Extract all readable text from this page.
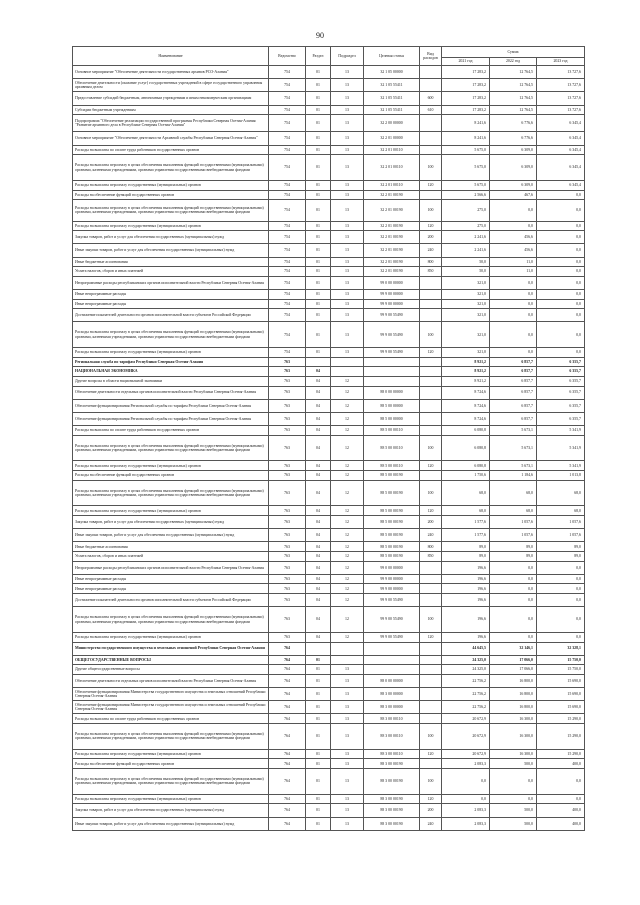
90
Наименование	Ведомство	Раздел	Подраздел	Целевая статья	Вид расходов	Сумма		
						2021 год	2022 год	2023 год
Основное мероприятие "Обеспечение деятельности государственных архивов РСО-Алания"	754	01	13	32 1 05 00000		17 283,2	12 764,5	13 727,6
Обеспечение деятельности (оказание услуг) государственных учреждений в сфере государственного управления архивным делом	754	01	13	32 1 05 55411		17 283,2	12 764,5	13 727,6
Предоставление субсидий бюджетным, автономным учреждениям и иным некоммерческим организациям	754	01	13	32 1 05 55411	600	17 283,2	12 764,5	13 727,6
Субсидии бюджетным учреждениям	754	01	13	32 1 05 55411	610	17 283,2	12 764,5	13 727,6
Подпрограмма "Обеспечение реализации государственной программы Республики Северная Осетия-Алания "Развитие архивного дела в Республике Северная Осетия-Алания"	754	01	13	32 2 00 00000		8 241,6	6 776,6	6 345,4
Основное мероприятие "Обеспечение деятельности Архивной службы Республики Северная Осетия-Алания"	754	01	13	32 2 01 00000		8 241,6	6 776,6	6 345,4
Расходы на выплаты по оплате труда работников государственных органов	754	01	13	32 2 01 00110		5 675,0	6 309,0	6 345,4
Расходы на выплаты персоналу в целях обеспечения выполнения функций государственными (муниципальными) органами, казенными учреждениями, органами управления государственными внебюджетными фондами	754	01	13	32 2 01 00110	100	5 675,0	6 309,0	6 345,4
Расходы на выплаты персоналу государственных (муниципальных) органов	754	01	13	32 2 01 00110	120	5 675,0	6 309,0	6 345,4
Расходы на обеспечение функций государственных органов	754	01	13	32 2 01 00190		2 566,6	467,6	0,0
Расходы на выплаты персоналу в целях обеспечения выполнения функций государственными (муниципальными) органами, казенными учреждениями, органами управления государственными внебюджетными фондами	754	01	13	32 2 01 00190	100	275,0	0,0	0,0
Расходы на выплаты персоналу государственных (муниципальных) органов	754	01	13	32 2 01 00190	120	275,0	0,0	0,0
Закупка товаров, работ и услуг для обеспечения государственных (муниципальных) нужд	754	01	13	32 2 01 00190	200	2 241,6	456,6	0,0
Иные закупки товаров, работ и услуг для обеспечения государственных (муниципальных) нужд	754	01	13	32 2 01 00190	240	2 241,6	456,6	0,0
Иные бюджетные ассигнования	754	01	13	32 2 01 00190	800	50,0	11,0	0,0
Уплата налогов, сборов и иных платежей	754	01	13	32 2 01 00190	850	50,0	11,0	0,0
Непрограммные расходы республиканских органов исполнительной власти Республики Северная Осетия-Алания	754	01	13	99 0 00 00000		321,0	0,0	0,0
Иные непрограммные расходы	754	01	13	99 9 00 00000		321,0	0,0	0,0
Иные непрограммные расходы	754	01	13	99 9 00 00000		321,0	0,0	0,0
Достижение показателей деятельности органов исполнительной власти субъектов Российской Федерации	754	01	13	99 9 00 55490		321,0	0,0	0,0
Расходы на выплаты персоналу в целях обеспечения выполнения функций государственными (муниципальными) органами, казенными учреждениями, органами управления государственными внебюджетными фондами	754	01	13	99 9 00 55490	100	321,0	0,0	0,0
Расходы на выплаты персоналу государственных (муниципальных) органов	754	01	13	99 9 00 55490	120	321,0	0,0	0,0
Региональная служба по тарифам Республики Северная Осетия-Алания	763					8 921,2	6 857,7	6 355,7
НАЦИОНАЛЬНАЯ ЭКОНОМИКА	763	04				8 921,2	6 857,7	6 355,7
Другие вопросы в области национальной экономики	763	04	12			8 921,2	6 857,7	6 355,7
Обеспечение деятельности отдельных органов исполнительной власти Республики Северная Осетия-Алания	763	04	12	88 0 00 00000		8 724,6	6 857,7	6 355,7
Обеспечение функционирования Региональной службы по тарифам Республики Северная Осетия-Алания	763	04	12	88 5 00 00000		8 724,6	6 857,7	6 355,7
Обеспечение функционирования Региональной службы по тарифам Республики Северная Осетия-Алания	763	04	12	88 5 00 00000		8 724,6	6 857,7	6 355,7
Расходы на выплаты по оплате труда работников государственных органов	763	04	12	88 5 00 00110		6 080,8	5 673,1	5 341,9
Расходы на выплаты персоналу в целях обеспечения выполнения функций государственными (муниципальными) органами, казенными учреждениями, органами управления государственными внебюджетными фондами	763	04	12	88 5 00 00110	100	6 080,8	5 673,1	5 341,9
Расходы на выплаты персоналу государственных (муниципальных) органов	763	04	12	88 5 00 00110	120	6 080,8	5 673,1	5 341,9
Расходы на обеспечение функций государственных органов	763	04	12	88 5 00 00190		1 750,6	1 184,6	1 013,8
Расходы на выплаты персоналу в целях обеспечения выполнения функций государственными (муниципальными) органами, казенными учреждениями, органами управления государственными внебюджетными фондами	763	04	12	88 5 00 00190	100	68,0	68,0	68,0
Расходы на выплаты персоналу государственных (муниципальных) органов	763	04	12	88 5 00 00190	120	68,0	68,0	68,0
Закупка товаров, работ и услуг для обеспечения государственных (муниципальных) нужд	763	04	12	88 5 00 00190	200	1 577,6	1 057,6	1 057,6
Иные закупки товаров, работ и услуг для обеспечения государственных (муниципальных) нужд	763	04	12	88 5 00 00190	240	1 577,6	1 057,6	1 057,6
Иные бюджетные ассигнования	763	04	12	88 5 00 00190	800	89,0	89,0	89,0
Уплата налогов, сборов и иных платежей	763	04	12	88 5 00 00190	850	89,0	89,0	89,0
Непрограммные расходы республиканских органов исполнительной власти Республики Северная Осетия-Алания	763	04	12	99 0 00 00000		196,6	0,0	0,0
Иные непрограммные расходы	763	04	12	99 9 00 00000		196,6	0,0	0,0
Иные непрограммные расходы	763	04	12	99 9 00 00000		196,6	0,0	0,0
Достижение показателей деятельности органов исполнительной власти субъектов Российской Федерации	763	04	12	99 9 00 55490		196,6	0,0	0,0
Расходы на выплаты персоналу в целях обеспечения выполнения функций государственными (муниципальными) органами, казенными учреждениями, органами управления государственными внебюджетными фондами	763	04	12	99 9 00 55490	100	196,6	0,0	0,0
Расходы на выплаты персоналу государственных (муниципальных) органов	763	04	12	99 9 00 55490	120	196,6	0,0	0,0
Министерство государственного имущества и земельных отношений Республики Северная Осетия-Алания	764					44 645,5	32 146,1	32 328,1
ОБЩЕГОСУДАРСТВЕННЫЕ ВОПРОСЫ	764	01				24 325,0	17 066,0	15 750,0
Другие общегосударственные вопросы	764	01	13			24 325,0	17 066,0	15 750,0
Обеспечение деятельности отдельных органов исполнительной власти Республики Северная Осетия-Алания	764	01	13	88 0 00 00000		22 756,2	16 800,0	15 690,0
Обеспечение функционирования Министерства государственного имущества и земельных отношений Республики Северная Осетия-Алания	764	01	13	88 3 00 00000		22 756,2	16 800,0	15 690,0
Обеспечение функционирования Министерства государственного имущества и земельных отношений Республики Северная Осетия-Алания	764	01	13	88 3 00 00000		22 756,2	16 800,0	15 690,0
Расходы на выплаты по оплате труда работников государственных органов	764	01	13	88 3 00 00110		20 672,9	16 300,0	15 290,0
Расходы на выплаты персоналу в целях обеспечения выполнения функций государственными (муниципальными) органами, казенными учреждениями, органами управления государственными внебюджетными фондами	764	01	13	88 3 00 00110	100	20 672,9	16 300,0	15 290,0
Расходы на выплаты персоналу государственных (муниципальных) органов	764	01	13	88 3 00 00110	120	20 672,9	16 300,0	15 290,0
Расходы на обеспечение функций государственных органов	764	01	13	88 3 00 00190		2 083,3	500,0	400,0
Расходы на выплаты персоналу в целях обеспечения выполнения функций государственными (муниципальными) органами, казенными учреждениями, органами управления государственными внебюджетными фондами	764	01	13	88 3 00 00190	100	0,0	0,0	0,0
Расходы на выплаты персоналу государственных (муниципальных) органов	764	01	13	88 3 00 00190	120	0,0	0,0	0,0
Закупка товаров, работ и услуг для обеспечения государственных (муниципальных) нужд	764	01	13	88 3 00 00190	200	2 083,3	500,0	400,0
Иные закупки товаров, работ и услуг для обеспечения государственных (муниципальных) нужд	764	01	13	88 3 00 00190	240	2 083,3	500,0	400,0
